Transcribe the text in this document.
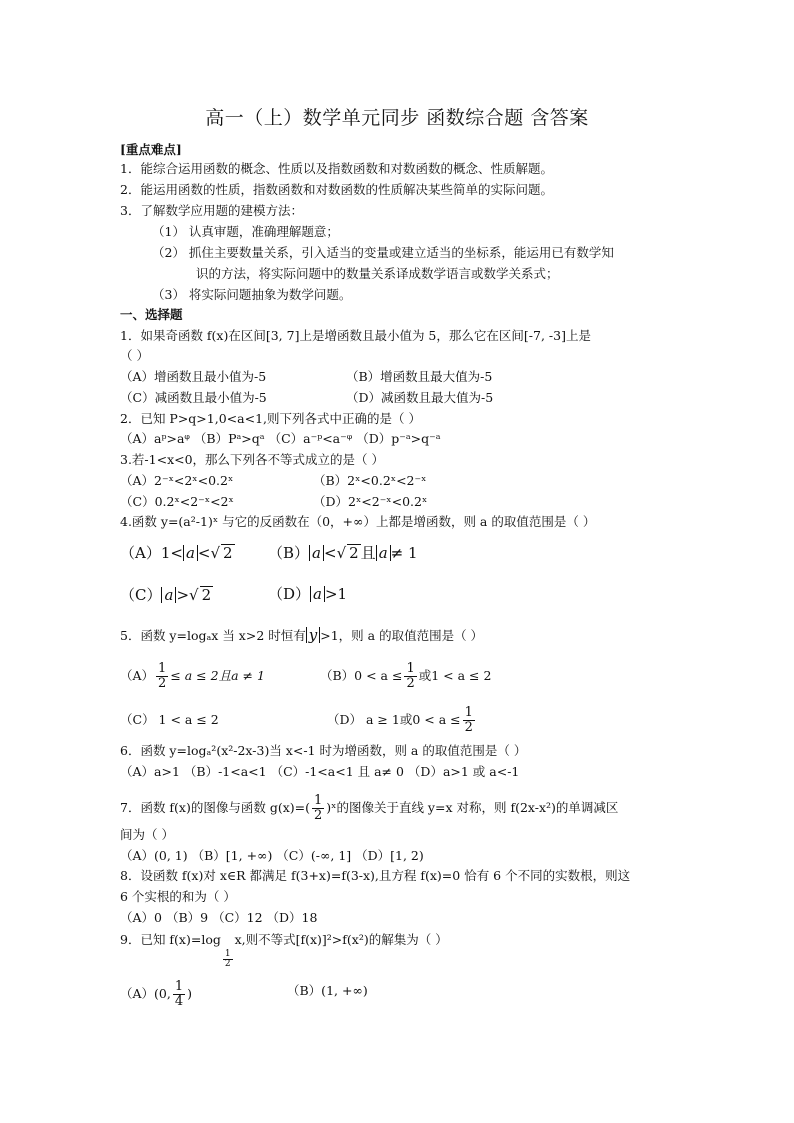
高一（上）数学单元同步 函数综合题 含答案
[重点难点]
1．能综合运用函数的概念、性质以及指数函数和对数函数的概念、性质解题。
2．能运用函数的性质，指数函数和对数函数的性质解决某些简单的实际问题。
3．了解数学应用题的建模方法：
（1） 认真审题，准确理解题意；
（2） 抓住主要数量关系，引入适当的变量或建立适当的坐标系，能运用已有数学知
识的方法，将实际问题中的数量关系译成数学语言或数学关系式；
（3） 将实际问题抽象为数学问题。
一、选择题
1．如果奇函数 f(x)在区间[3, 7]上是增函数且最小值为 5，那么它在区间[-7, -3]上是
（ ）
（A）增函数且最小值为-5	（B）增函数且最大值为-5
（C）减函数且最小值为-5	（D）减函数且最大值为-5
2．已知 P>q>1,0<a<1,则下列各式中正确的是（ ）
（A）aᵖ>aᵠ （B）Pᵃ>qᵃ （C）a⁻ᵖ<a⁻ᵠ （D）p⁻ᵃ>q⁻ᵃ
3.若-1<x<0，那么下列各不等式成立的是（ ）
（A）2⁻ˣ<2ˣ<0.2ˣ	（B）2ˣ<0.2ˣ<2⁻ˣ
（C）0.2ˣ<2⁻ˣ<2ˣ	（D）2ˣ<2⁻ˣ<0.2ˣ
4.函数 y=(a²-1)ˣ 与它的反函数在（0，+∞）上都是增函数，则 a 的取值范围是（ ）
（A）1< a <√ 2 （B） a <√ 2 且 a ≠ 1
（C） a >√ 2	（D） a >1
5．函数 y=logₐx 当 x>2 时恒有 y >1，则 a 的取值范围是（ ）
$(A) \frac{1}{2} \le a \le 2$且a ≠ 1	$(B)0 < a \le \frac{1}{2}$ 或1 < a ≤ 2
（C） 1 < a ≤ 2	（D） a ≥ 1或$0 < a \le \frac{1}{2}$
6．函数 y=logₐ²(x²-2x-3)当 x<-1 时为增函数，则 a 的取值范围是（ ）
（A）a>1 （B）-1<a<1 （C）-1<a<1 且 a≠ 0 （D）a>1 或 a<-1
7．函数 f(x)的图像与函数 $g(x)=( \frac{1}{2}$ )ˣ的图像关于直线 y=x 对称，则 f(2x-x²)的单调减区
间为（ ）
（A）(0, 1) （B）[1, +∞) （C）(-∞, 1] （D）[1, 2)
8．设函数 f(x)对 x∈R 都满足 f(3+x)=f(3-x),且方程 f(x)=0 恰有 6 个不同的实数根，则这
6 个实根的和为（ ）
（A）0 （B）9 （C）12 （D）18
9．已知 f(x)=log
$\frac{1}{2}$
x,则不等式[f(x)]²>f(x²)的解集为（ ）
（A）(0, $\frac{1}{4}$ )	（B）(1, +∞)
